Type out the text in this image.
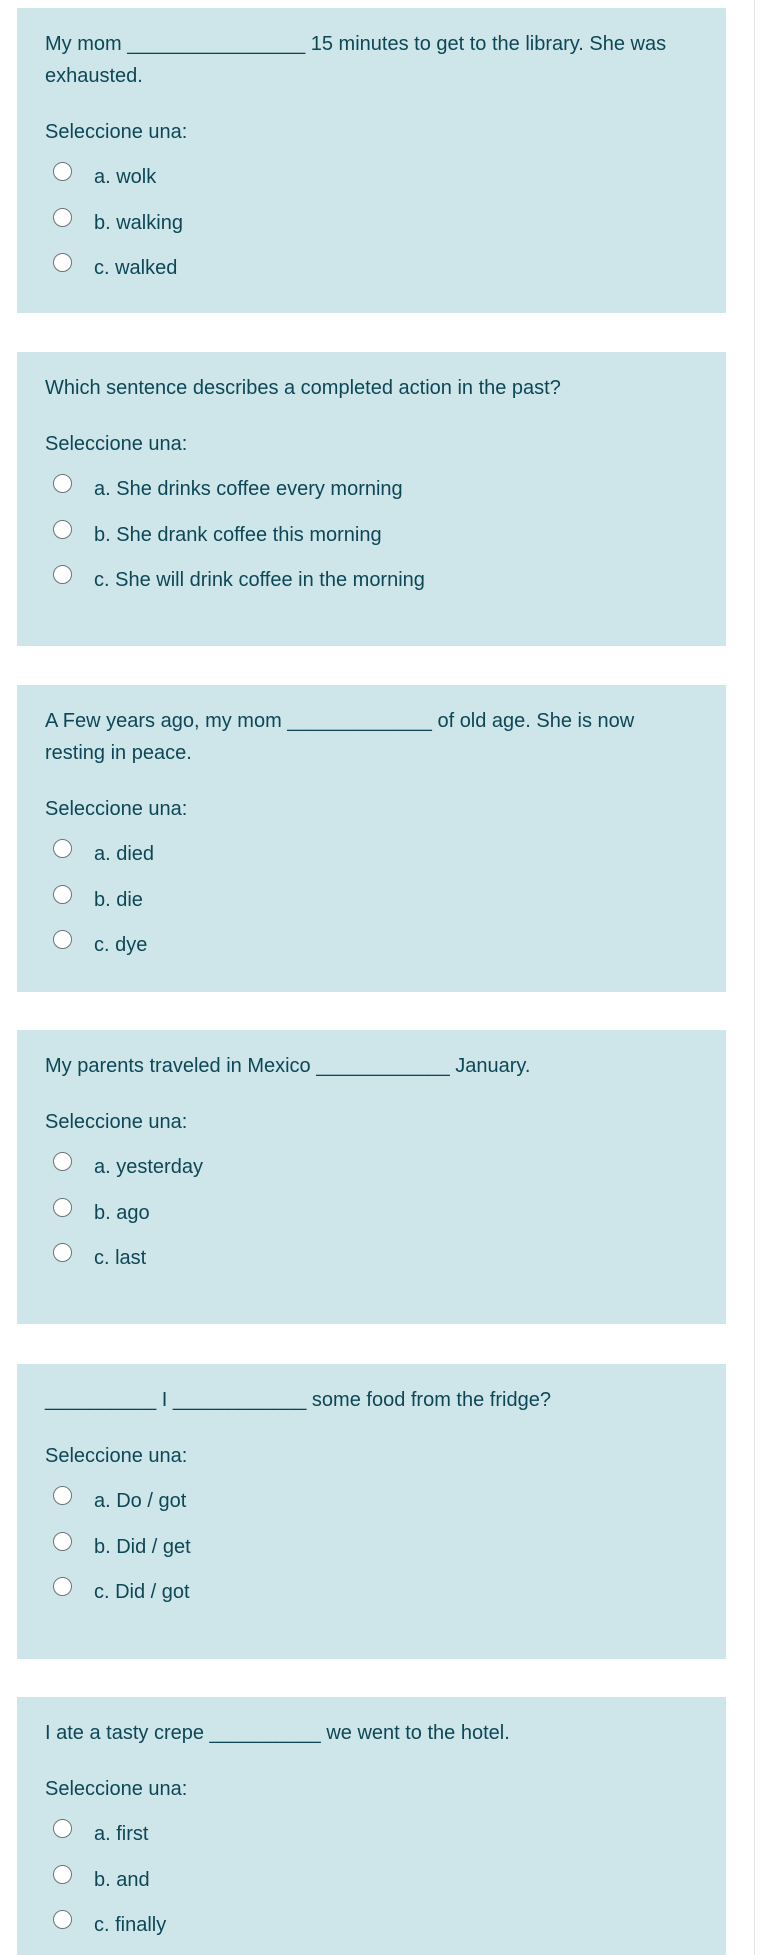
My mom ________________ 15 minutes to get to the library. She was exhausted.

Seleccione una:
a. wolk
b. walking
c. walked

Which sentence describes a completed action in the past?

Seleccione una:
a. She drinks coffee every morning
b. She drank coffee this morning
c. She will drink coffee in the morning

A Few years ago, my mom _____________ of old age. She is now resting in peace.

Seleccione una:
a. died
b. die
c. dye

My parents traveled in Mexico ____________ January.

Seleccione una:
a. yesterday
b. ago
c. last

__________ I ____________ some food from the fridge?

Seleccione una:
a. Do / got
b. Did / get
c. Did / got

I ate a tasty crepe __________ we went to the hotel.

Seleccione una:
a. first
b. and
c. finally
